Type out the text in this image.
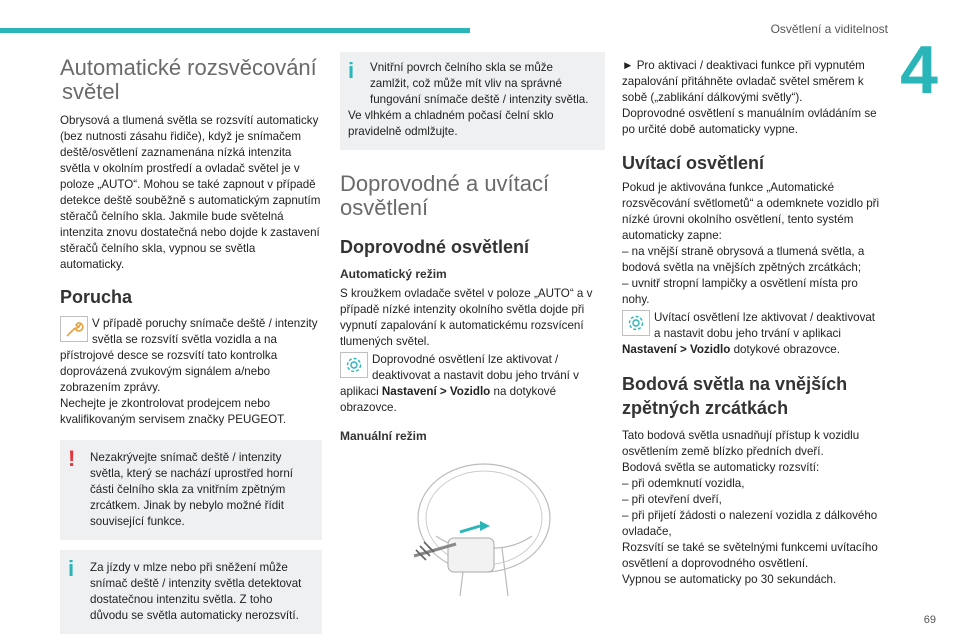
Osvětlení a viditelnost
4
69
Automatické rozsvěcování
světel

Obrysová a tlumená světla se rozsvítí automaticky (bez nutnosti zásahu řidiče), když je snímačem deště/osvětlení zaznamenána nízká intenzita světla v okolním prostředí a ovladač světel je v poloze „AUTO“. Mohou se také zapnout v případě detekce deště souběžně s automatickým zapnutím stěračů čelního skla. Jakmile bude světelná intenzita znovu dostatečná nebo dojde k zastavení stěračů čelního skla, vypnou se světla automaticky.

Porucha

V případě poruchy snímače deště / intenzity světla se rozsvítí světla vozidla a na přístrojové desce se rozsvítí tato kontrolka doprovázená zvukovým signálem a/nebo zobrazením zprávy.

Nechejte je zkontrolovat prodejcem nebo kvalifikovaným servisem značky PEUGEOT.

!	Nezakrývejte snímač deště / intenzity světla, který se nachází uprostřed horní části čelního skla za vnitřním zpětným zrcátkem. Jinak by nebylo možné řídit související funkce.

i	Za jízdy v mlze nebo při sněžení může snímač deště / intenzity světla detektovat dostatečnou intenzitu světla. Z toho důvodu se světla automaticky nerozsvítí.

i	Vnitřní povrch čelního skla se může zamlžit, což může mít vliv na správné fungování snímače deště / intenzity světla.

Ve vlhkém a chladném počasí čelní sklo pravidelně odmlžujte.

Doprovodné a uvítací
osvětlení
Doprovodné osvětlení
Automatický režim

S kroužkem ovladače světel v poloze „AUTO“ a v případě nízké intenzity okolního světla dojde při vypnutí zapalování k automatickému rozsvícení tlumených světel.

Doprovodné osvětlení lze aktivovat / deaktivovat a nastavit dobu jeho trvání v aplikaci Nastavení > Vozidlo na dotykové obrazovce.

Manuální režim

► Pro aktivaci / deaktivaci funkce při vypnutém zapalování přitáhněte ovladač světel směrem k sobě („zablikání dálkovými světly“).

Doprovodné osvětlení s manuálním ovládáním se po určité době automaticky vypne.

Uvítací osvětlení

Pokud je aktivována funkce „Automatické rozsvěcování světlometů“ a odemknete vozidlo při nízké úrovni okolního osvětlení, tento systém automaticky zapne:

– na vnější straně obrysová a tlumená světla, a bodová světla na vnějších zpětných zrcátkách;

– uvnitř stropní lampičky a osvětlení místa pro nohy.

Uvítací osvětlení lze aktivovat / deaktivovat a nastavit dobu jeho trvání v aplikaci Nastavení > Vozidlo dotykové obrazovce.

Bodová světla na vnějších
zpětných zrcátkách

Tato bodová světla usnadňují přístup k vozidlu osvětlením země blízko předních dveří.

Bodová světla se automaticky rozsvítí:

– při odemknutí vozidla,

– při otevření dveří,

– při přijetí žádosti o nalezení vozidla z dálkového ovladače,

Rozsvítí se také se světelnými funkcemi uvítacího osvětlení a doprovodného osvětlení.

Vypnou se automaticky po 30 sekundách.
